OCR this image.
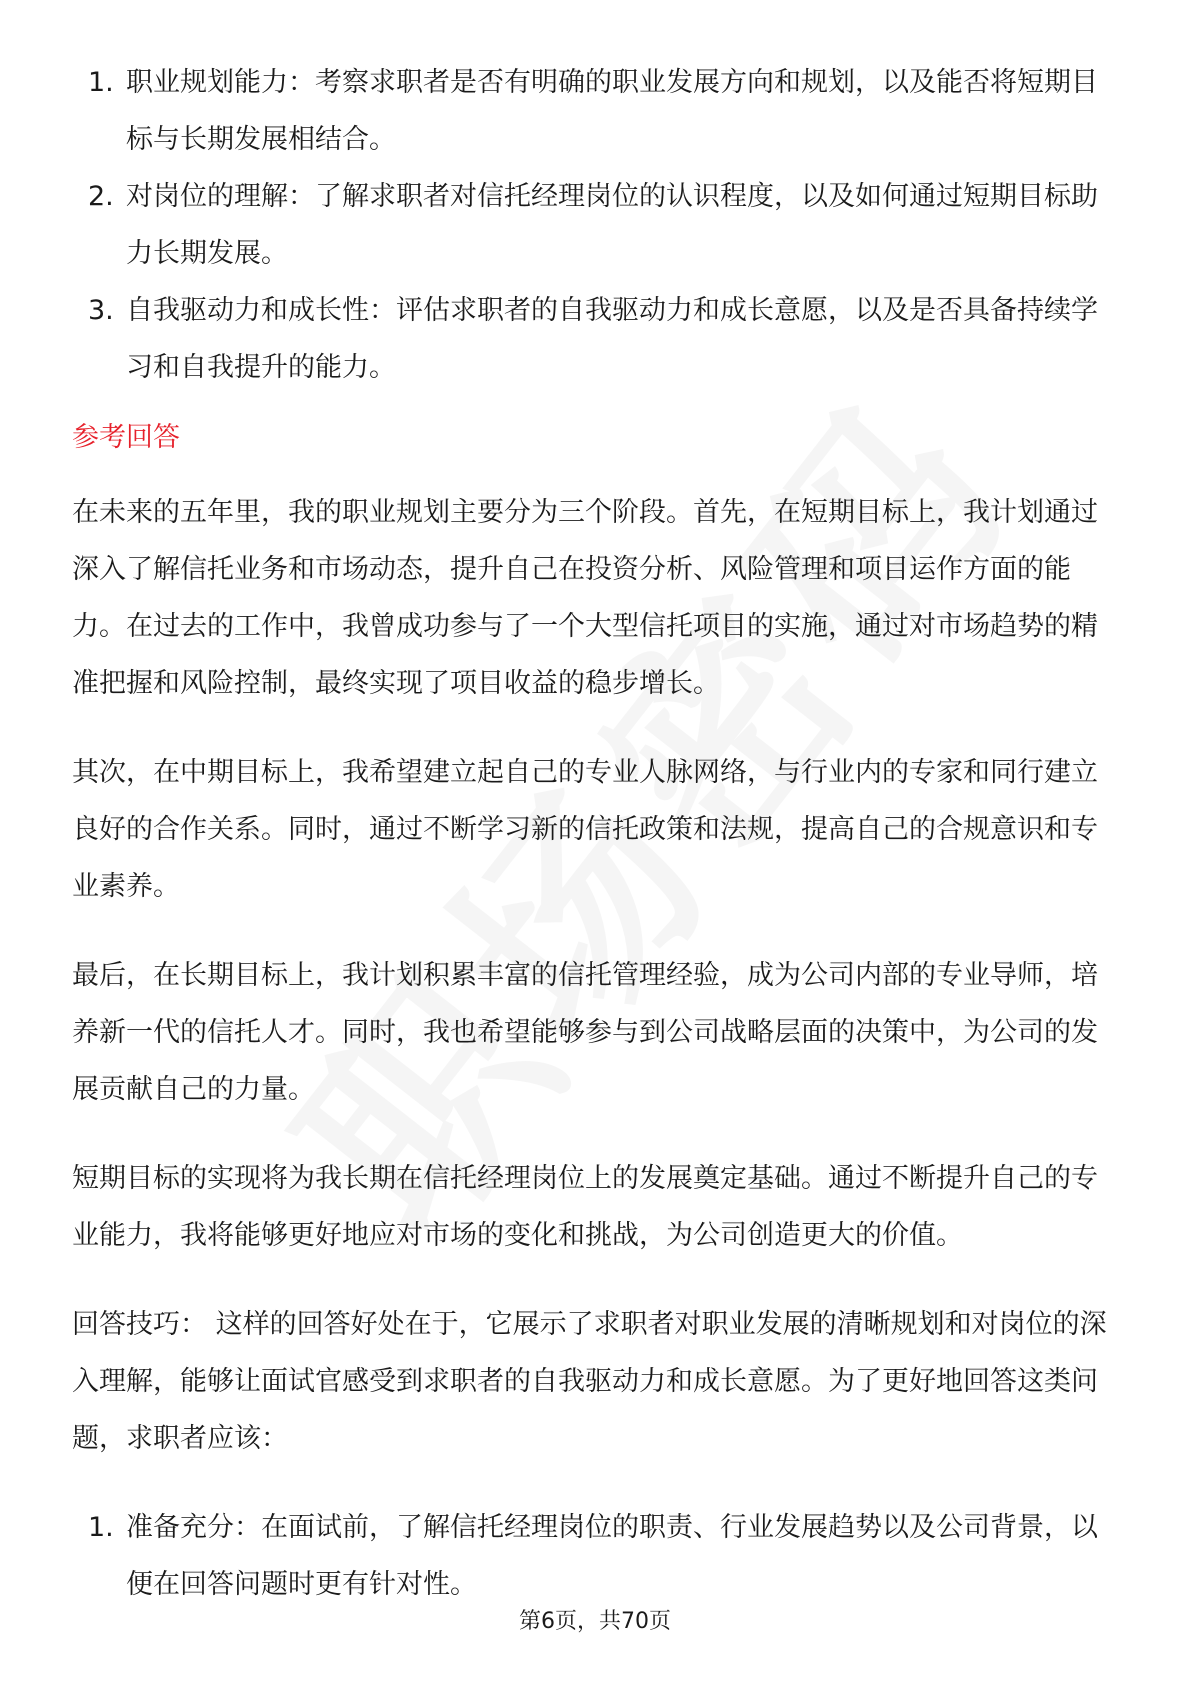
1. 职业规划能力：考察求职者是否有明确的职业发展方向和规划，以及能否将短期目标与长期发展相结合。
2. 对岗位的理解：了解求职者对信托经理岗位的认识程度，以及如何通过短期目标助力长期发展。
3. 自我驱动力和成长性：评估求职者的自我驱动力和成长意愿，以及是否具备持续学习和自我提升的能力。
参考回答

在未来的五年里，我的职业规划主要分为三个阶段。首先，在短期目标上，我计划通过深入了解信托业务和市场动态，提升自己在投资分析、风险管理和项目运作方面的能力。在过去的工作中，我曾成功参与了一个大型信托项目的实施，通过对市场趋势的精准把握和风险控制，最终实现了项目收益的稳步增长。

其次，在中期目标上，我希望建立起自己的专业人脉网络，与行业内的专家和同行建立良好的合作关系。同时，通过不断学习新的信托政策和法规，提高自己的合规意识和专业素养。

最后，在长期目标上，我计划积累丰富的信托管理经验，成为公司内部的专业导师，培养新一代的信托人才。同时，我也希望能够参与到公司战略层面的决策中，为公司的发展贡献自己的力量。

短期目标的实现将为我长期在信托经理岗位上的发展奠定基础。通过不断提升自己的专业能力，我将能够更好地应对市场的变化和挑战，为公司创造更大的价值。

回答技巧： 这样的回答好处在于，它展示了求职者对职业发展的清晰规划和对岗位的深入理解，能够让面试官感受到求职者的自我驱动力和成长意愿。为了更好地回答这类问题，求职者应该：

1. 准备充分：在面试前，了解信托经理岗位的职责、行业发展趋势以及公司背景，以便在回答问题时更有针对性。
第6页，共70页
